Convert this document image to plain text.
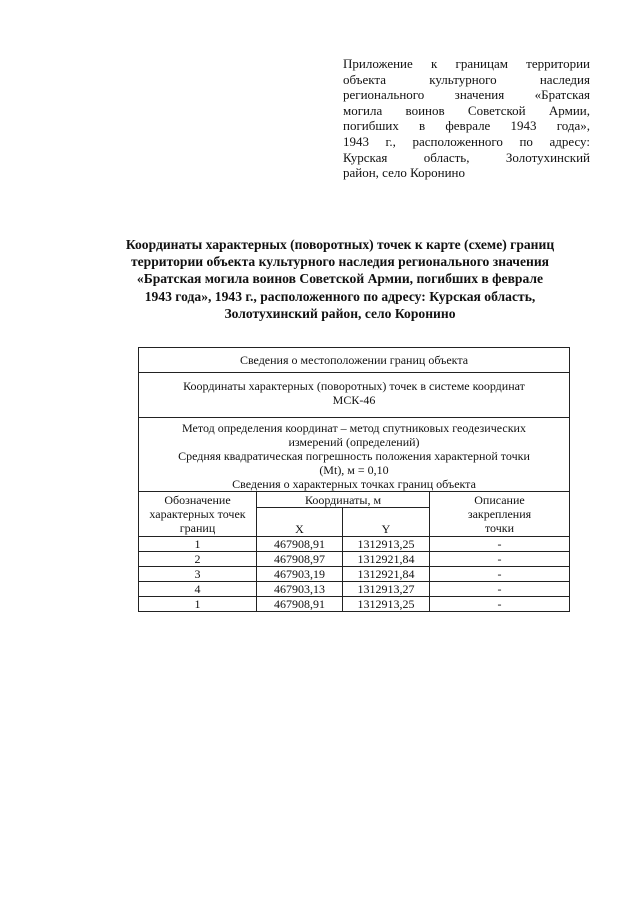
Приложение к границам территории
объекта культурного наследия
регионального значения «Братская
могила воинов Советской Армии,
погибших в феврале 1943 года»,
1943 г., расположенного по адресу:
Курская область, Золотухинский
район, село Коронино
Координаты характерных (поворотных) точек к карте (схеме) границ
территории объекта культурного наследия регионального значения
«Братская могила воинов Советской Армии, погибших в феврале
1943 года», 1943 г., расположенного по адресу: Курская область,
Золотухинский район, село Коронино
Сведения о местоположении границ объекта			

Координаты характерных (поворотных) точек в системе координат
МСК-46			

Метод определения координат – метод спутниковых геодезических
измерений (определений)
Средняя квадратическая погрешность положения характерной точки
(Mt), м = 0,10
Сведения о характерных точках границ объекта			

Обозначение
характерных точек
границ	Координаты, м		Описание
закрепления
точки

	X	Y	
1	467908,91	1312913,25	-
2	467908,97	1312921,84	-
3	467903,19	1312921,84	-
4	467903,13	1312913,27	-
1	467908,91	1312913,25	-
